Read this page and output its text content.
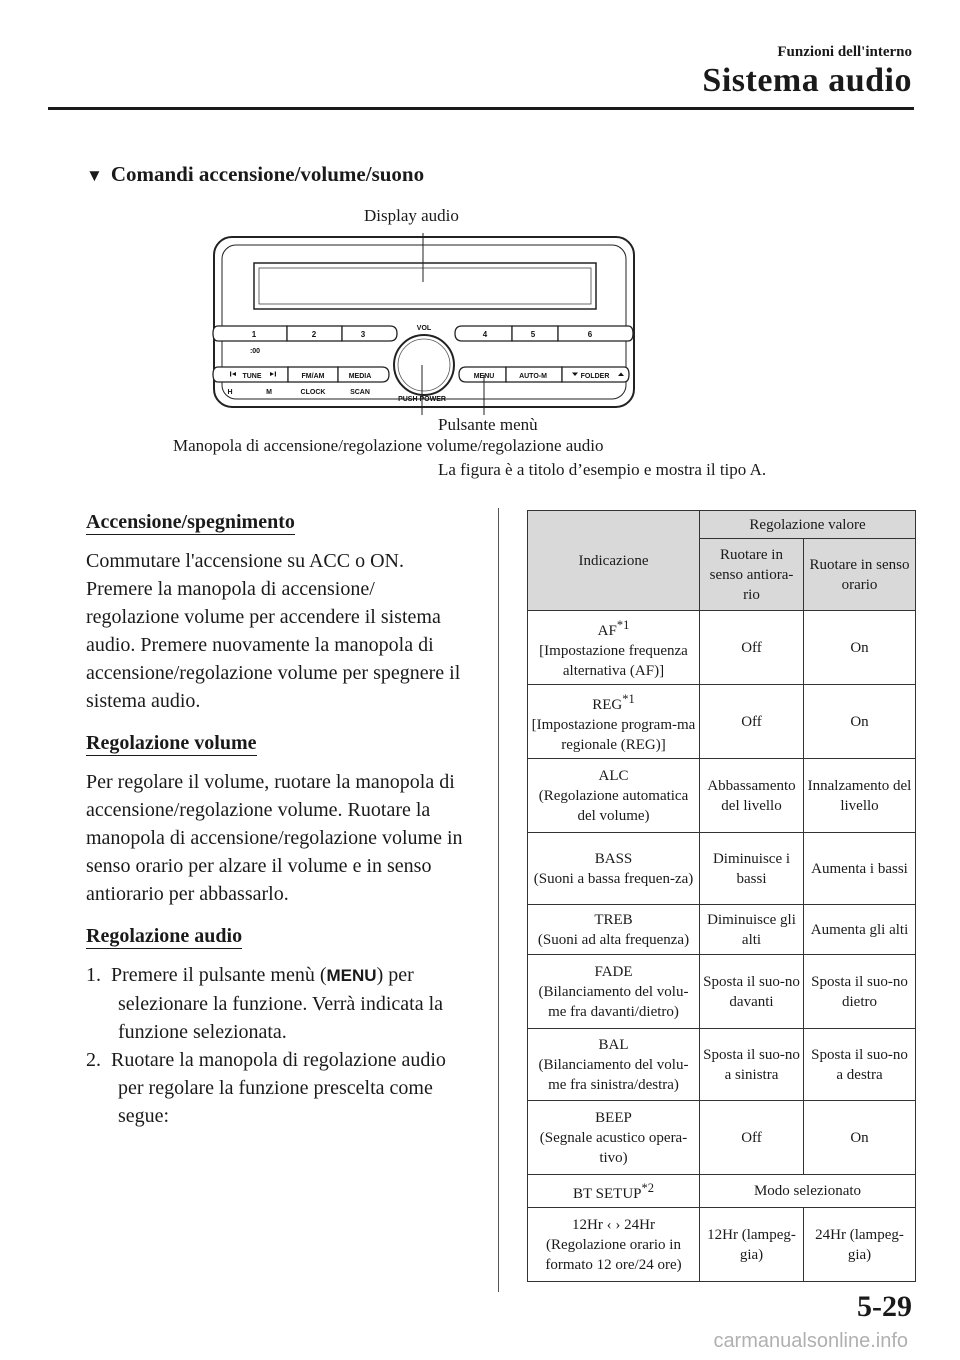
Funzioni dell'interno
Sistema audio
▼ Comandi accensione/volume/suono
1	2	3	4	5	6
:00
VOL
TUNE	FM/AM	MEDIA	MENU	AUTO-M	FOLDER
H	M	CLOCK	SCAN
PUSH POWER
Display audio
Pulsante menù
Manopola di accensione/regolazione volume/regolazione audio
La figura è a titolo d’esempio e mostra il tipo A.
Accensione/spegnimento

Commutare l'accensione su ACC o ON. Premere la manopola di accensione/ regolazione volume per accendere il sistema audio. Premere nuovamente la manopola di accensione/regolazione volume per spegnere il sistema audio.

Regolazione volume

Per regolare il volume, ruotare la manopola di accensione/regolazione volume. Ruotare la manopola di accensione/regolazione volume in senso orario per alzare il volume e in senso antiorario per abbassarlo.

Regolazione audio
1. Premere il pulsante menù (MENU) per selezionare la funzione. Verrà indicata la funzione selezionata.
2. Ruotare la manopola di regolazione audio per regolare la funzione prescelta come segue:
Indicazione	Regolazione valore	
	Ruotare in senso antiora-rio	Ruotare in senso orario
AF$^{*1}$
[Impostazione frequenza alternativa (AF)]	Off	On
REG$^{*1}$
[Impostazione program-ma regionale (REG)]	Off	On
ALC
(Regolazione automatica del volume)	Abbassamento del livello	Innalzamento del livello
BASS
(Suoni a bassa frequen-za)	Diminuisce i bassi	Aumenta i bassi
TREB
(Suoni ad alta frequenza)	Diminuisce gli alti	Aumenta gli alti
FADE
(Bilanciamento del volu-me fra davanti/dietro)	Sposta il suo-no davanti	Sposta il suo-no dietro
BAL
(Bilanciamento del volu-me fra sinistra/destra)	Sposta il suo-no a sinistra	Sposta il suo-no a destra
BEEP
(Segnale acustico opera-tivo)	Off	On
BT SETUP$^{*2}$	Modo selezionato	
12Hr ‹ › 24Hr
(Regolazione orario in formato 12 ore/24 ore)	12Hr (lampeg-gia)	24Hr (lampeg-gia)
5-29
carmanualsonline.info
